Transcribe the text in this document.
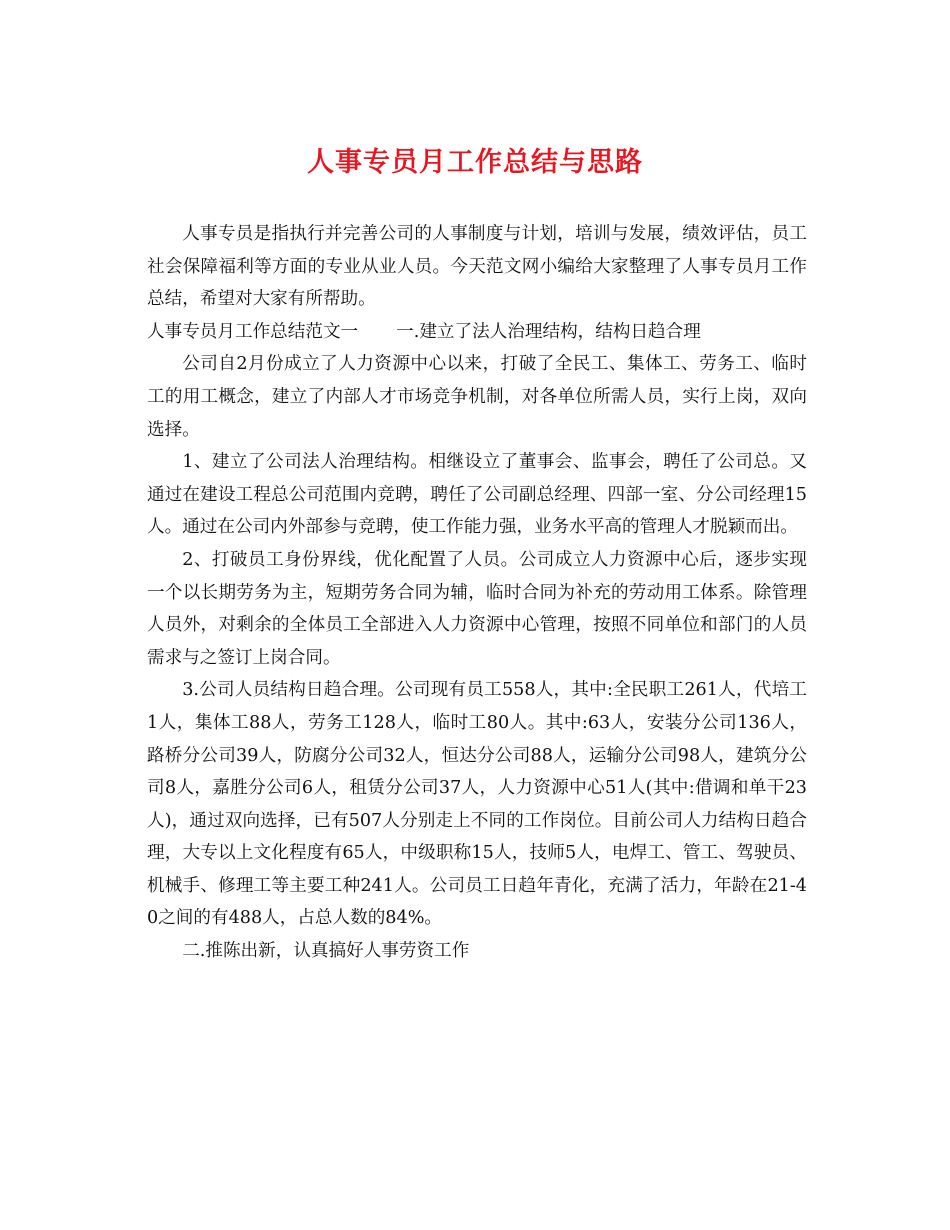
人事专员月工作总结与思路

人事专员是指执行并完善公司的人事制度与计划，培训与发展，绩效评估，员工社会保障福利等方面的专业从业人员。今天范文网小编给大家整理了人事专员月工作总结，希望对大家有所帮助。

人事专员月工作总结范文一 一.建立了法人治理结构，结构日趋合理

公司自2月份成立了人力资源中心以来，打破了全民工、集体工、劳务工、临时工的用工概念，建立了内部人才市场竞争机制，对各单位所需人员，实行上岗，双向选择。

1、建立了公司法人治理结构。相继设立了董事会、监事会，聘任了公司总。又通过在建设工程总公司范围内竞聘，聘任了公司副总经理、四部一室、分公司经理15人。通过在公司内外部参与竞聘，使工作能力强，业务水平高的管理人才脱颖而出。

2、打破员工身份界线，优化配置了人员。公司成立人力资源中心后，逐步实现一个以长期劳务为主，短期劳务合同为辅，临时合同为补充的劳动用工体系。除管理人员外，对剩余的全体员工全部进入人力资源中心管理，按照不同单位和部门的人员需求与之签订上岗合同。

3.公司人员结构日趋合理。公司现有员工558人，其中:全民职工261人，代培工1人，集体工88人，劳务工128人，临时工80人。其中:63人，安装分公司136人，路桥分公司39人，防腐分公司32人，恒达分公司88人，运输分公司98人，建筑分公司8人，嘉胜分公司6人，租赁分公司37人，人力资源中心51人(其中:借调和单干23人)，通过双向选择，已有507人分别走上不同的工作岗位。目前公司人力结构日趋合理，大专以上文化程度有65人，中级职称15人，技师5人，电焊工、管工、驾驶员、机械手、修理工等主要工种241人。公司员工日趋年青化，充满了活力，年龄在21-40之间的有488人，占总人数的84%。

二.推陈出新，认真搞好人事劳资工作
